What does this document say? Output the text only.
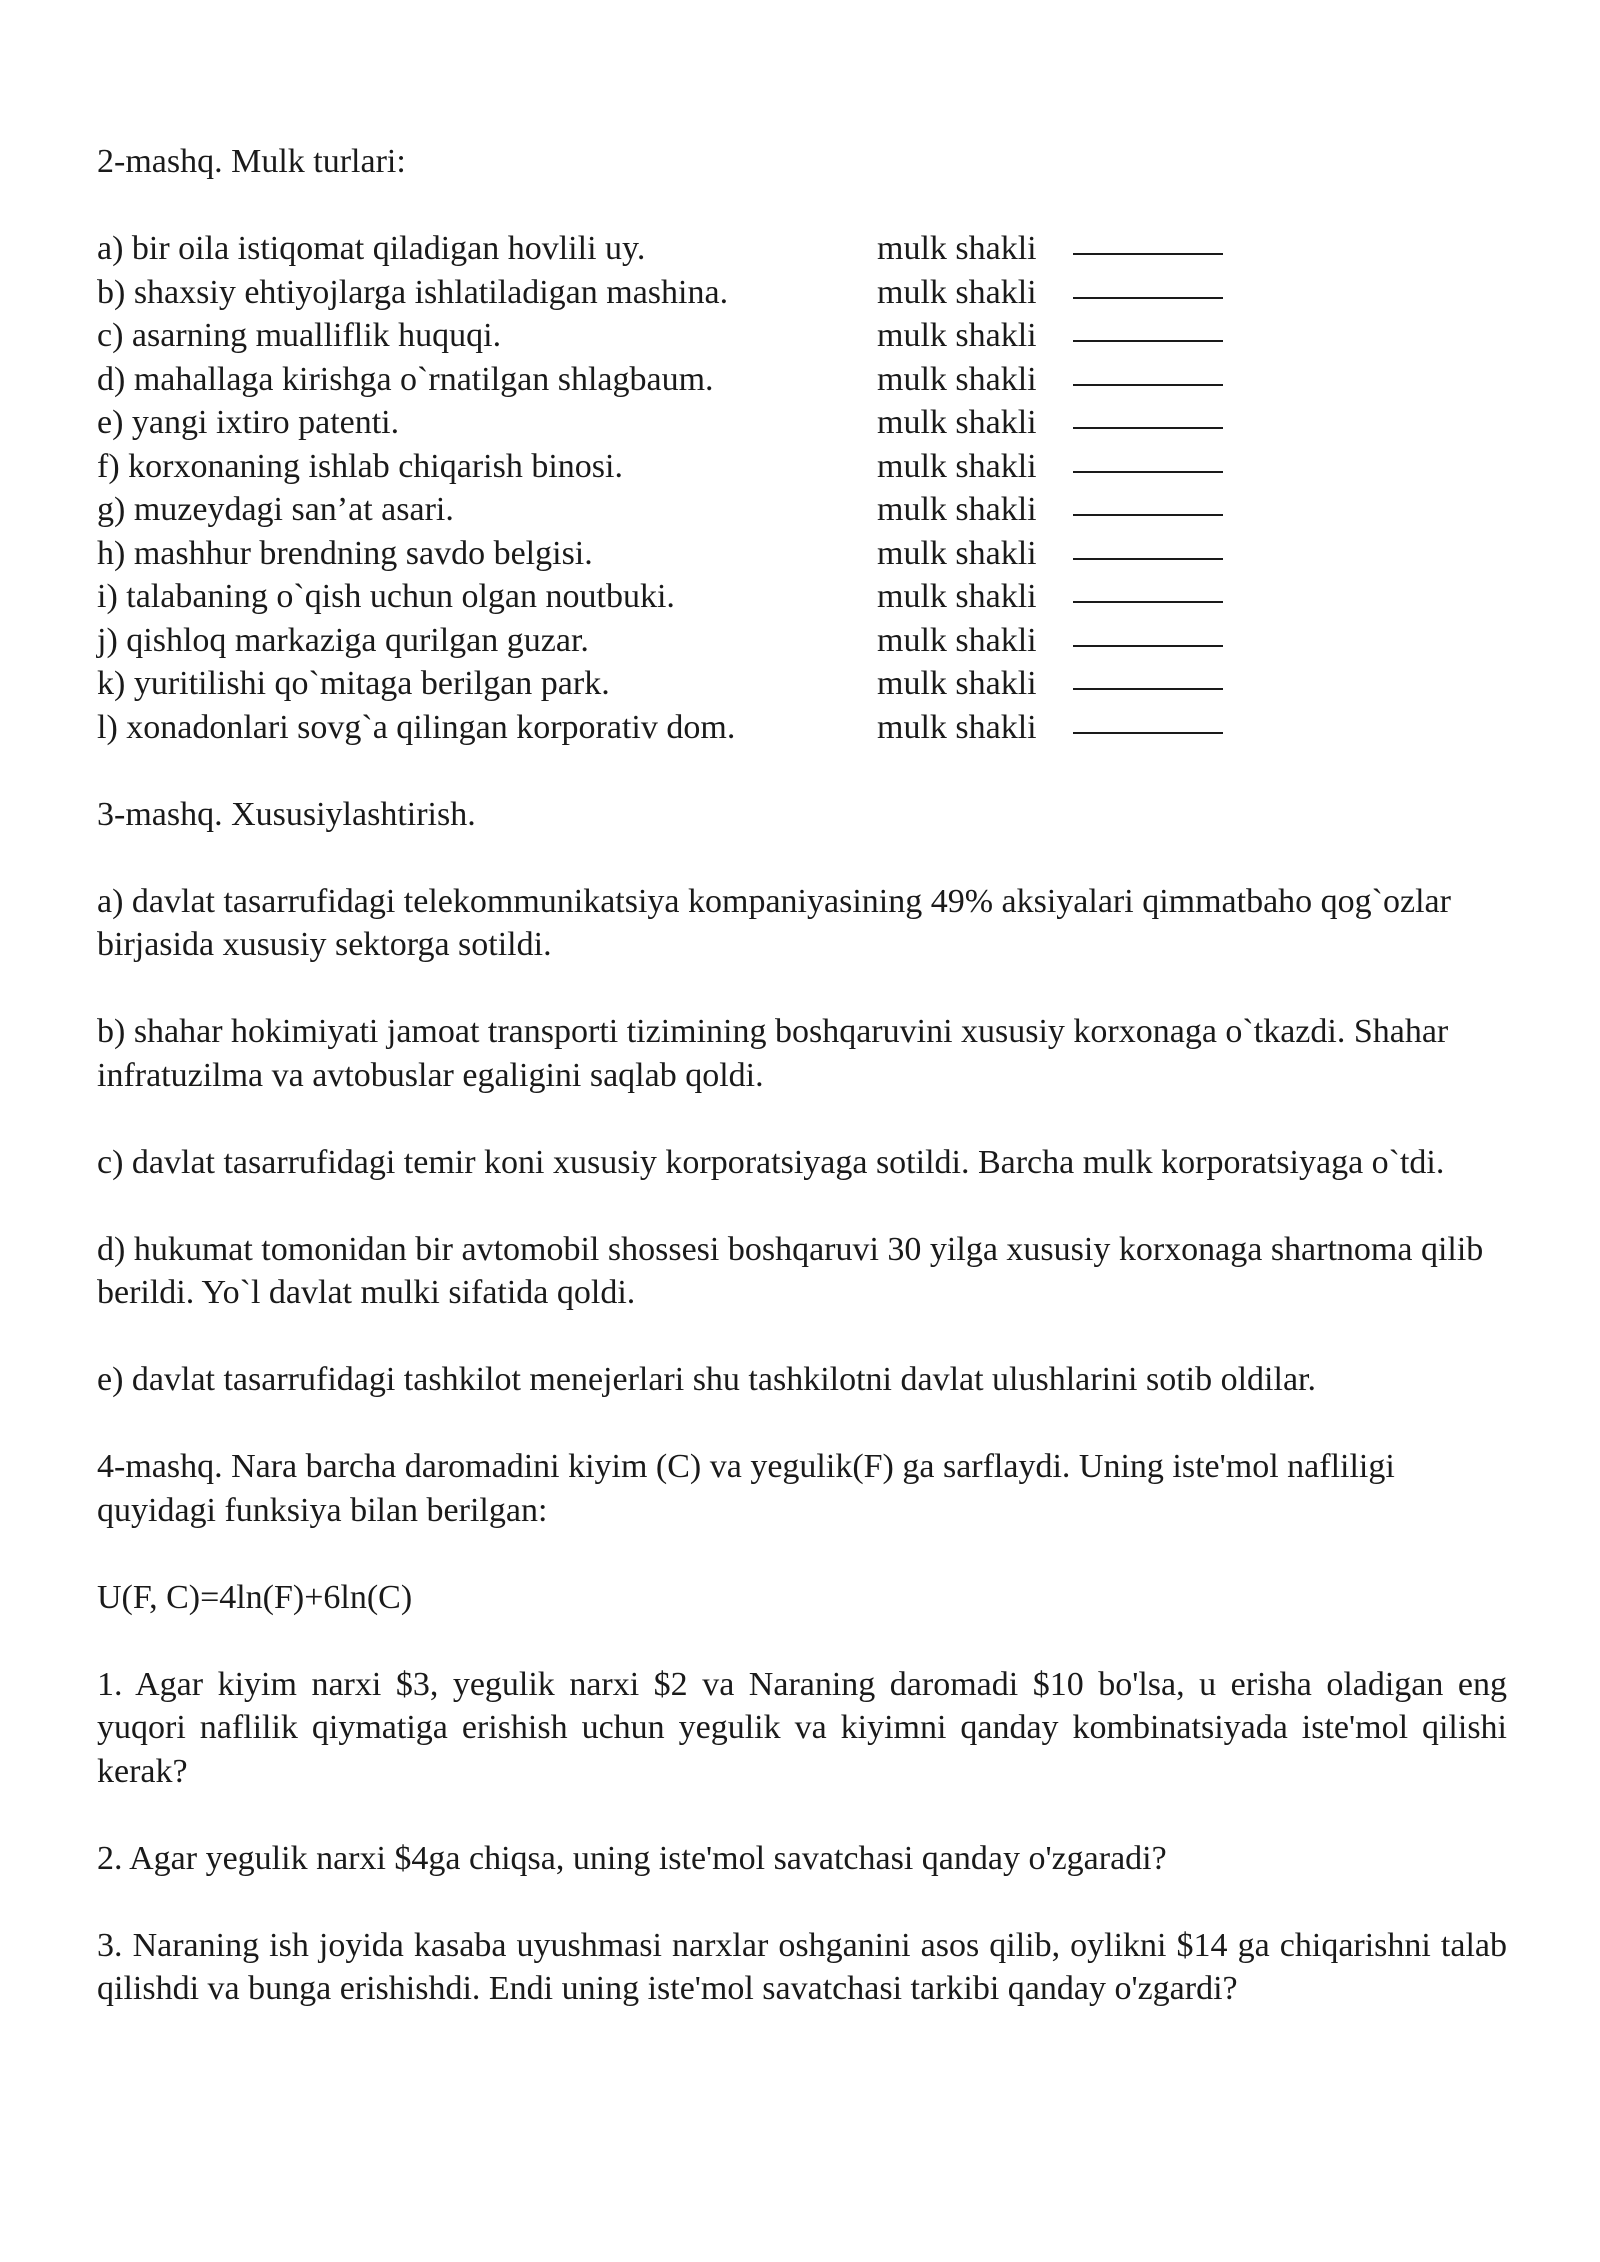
2-mashq. Mulk turlari:

a) bir oila istiqomat qiladigan hovlili uy.	mulk shakli
b) shaxsiy ehtiyojlarga ishlatiladigan mashina.	mulk shakli
c) asarning mualliflik huquqi.	mulk shakli
d) mahallaga kirishga o`rnatilgan shlagbaum.	mulk shakli
e) yangi ixtiro patenti.	mulk shakli
f) korxonaning ishlab chiqarish binosi.	mulk shakli
g) muzeydagi san’at asari.	mulk shakli
h) mashhur brendning savdo belgisi.	mulk shakli
i) talabaning o`qish uchun olgan noutbuki.	mulk shakli
j) qishloq markaziga qurilgan guzar.	mulk shakli
k) yuritilishi qo`mitaga berilgan park.	mulk shakli
l) xonadonlari sovg`a qilingan korporativ dom.	mulk shakli

3-mashq. Xususiylashtirish.

a) davlat tasarrufidagi telekommunikatsiya kompaniyasining 49% aksiyalari qimmatbaho qog`ozlar birjasida xususiy sektorga sotildi.

b) shahar hokimiyati jamoat transporti tizimining boshqaruvini xususiy korxonaga o`tkazdi. Shahar infratuzilma va avtobuslar egaligini saqlab qoldi.

c) davlat tasarrufidagi temir koni xususiy korporatsiyaga sotildi. Barcha mulk korporatsiyaga o`tdi.

d) hukumat tomonidan bir avtomobil shossesi boshqaruvi 30 yilga xususiy korxonaga shartnoma qilib berildi. Yo`l davlat mulki sifatida qoldi.

e) davlat tasarrufidagi tashkilot menejerlari shu tashkilotni davlat ulushlarini sotib oldilar.

4-mashq. Nara barcha daromadini kiyim (C) va yegulik(F) ga sarflaydi. Uning iste'mol nafliligi quyidagi funksiya bilan berilgan:

U(F, C)=4ln(F)+6ln(C)

1. Agar kiyim narxi $3, yegulik narxi $2 va Naraning daromadi $10 bo'lsa, u erisha oladigan eng yuqori naflilik qiymatiga erishish uchun yegulik va kiyimni qanday kombinatsiyada iste'mol qilishi kerak?

2. Agar yegulik narxi $4ga chiqsa, uning iste'mol savatchasi qanday o'zgaradi?

3. Naraning ish joyida kasaba uyushmasi narxlar oshganini asos qilib, oylikni $14 ga chiqarishni talab qilishdi va bunga erishishdi. Endi uning iste'mol savatchasi tarkibi qanday o'zgardi?
